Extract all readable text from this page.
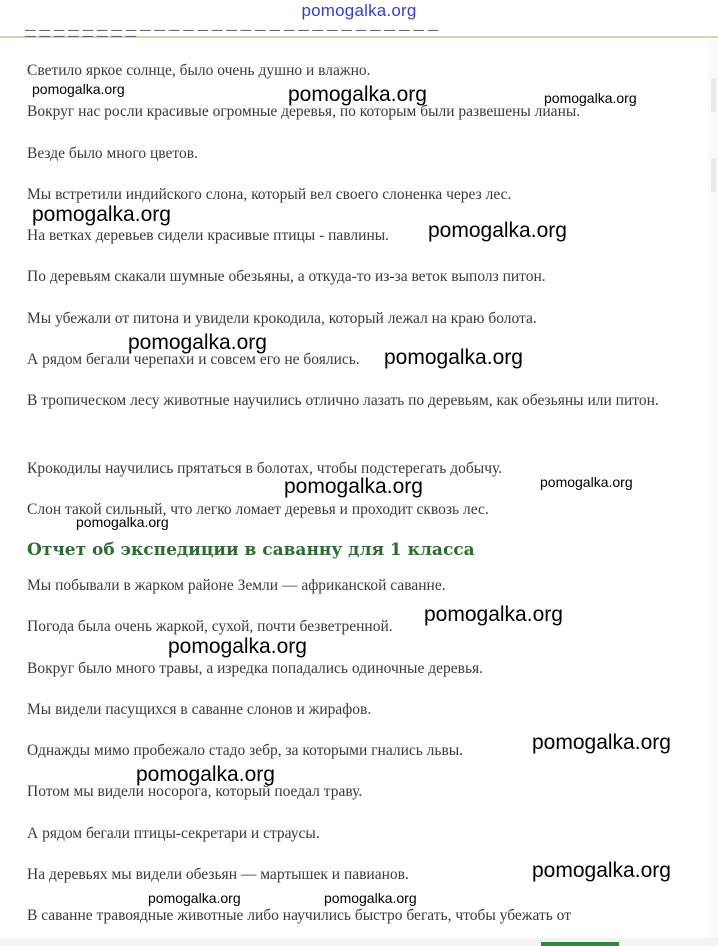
pomogalka.org
─ ─ ─ ─ ─ ─ ─ ─ ─ ─ ─ ─ ─ ─ ─ ─ ─ ─ ─ ─ ─ ─ ─ ─ ─ ─ ─ ─ ─ ─ ─ ─ ─ ─ ─ ─ ─
Светило яркое солнце, было очень душно и влажно.
Вокруг нас росли красивые огромные деревья, по которым были развешены лианы.
Везде было много цветов.
Мы встретили индийского слона, который вел своего слоненка через лес.
На ветках деревьев сидели красивые птицы - павлины.
По деревьям скакали шумные обезьяны, а откуда-то из-за веток выполз питон.
Мы убежали от питона и увидели крокодила, который лежал на краю болота.
А рядом бегали черепахи и совсем его не боялись.
В тропическом лесу животные научились отлично лазать по деревьям, как обезьяны или питон.
Крокодилы научились прятаться в болотах, чтобы подстерегать добычу.
Слон такой сильный, что легко ломает деревья и проходит сквозь лес.
Отчет об экспедиции в саванну для 1 класса
Мы побывали в жарком районе Земли — африканской саванне.
Погода была очень жаркой, сухой, почти безветренной.
Вокруг было много травы, а изредка попадались одиночные деревья.
Мы видели пасущихся в саванне слонов и жирафов.
Однажды мимо пробежало стадо зебр, за которыми гнались львы.
Потом мы видели носорога, который поедал траву.
А рядом бегали птицы-секретари и страусы.
На деревьях мы видели обезьян — мартышек и павианов.
В саванне травоядные животные либо научились быстро бегать, чтобы убежать от
pomogalka.org	pomogalka.org	pomogalka.org
pomogalka.org
pomogalka.org
pomogalka.org
pomogalka.org
pomogalka.org	pomogalka.org
pomogalka.org
pomogalka.org
pomogalka.org
pomogalka.org
pomogalka.org
pomogalka.org
pomogalka.org	pomogalka.org
